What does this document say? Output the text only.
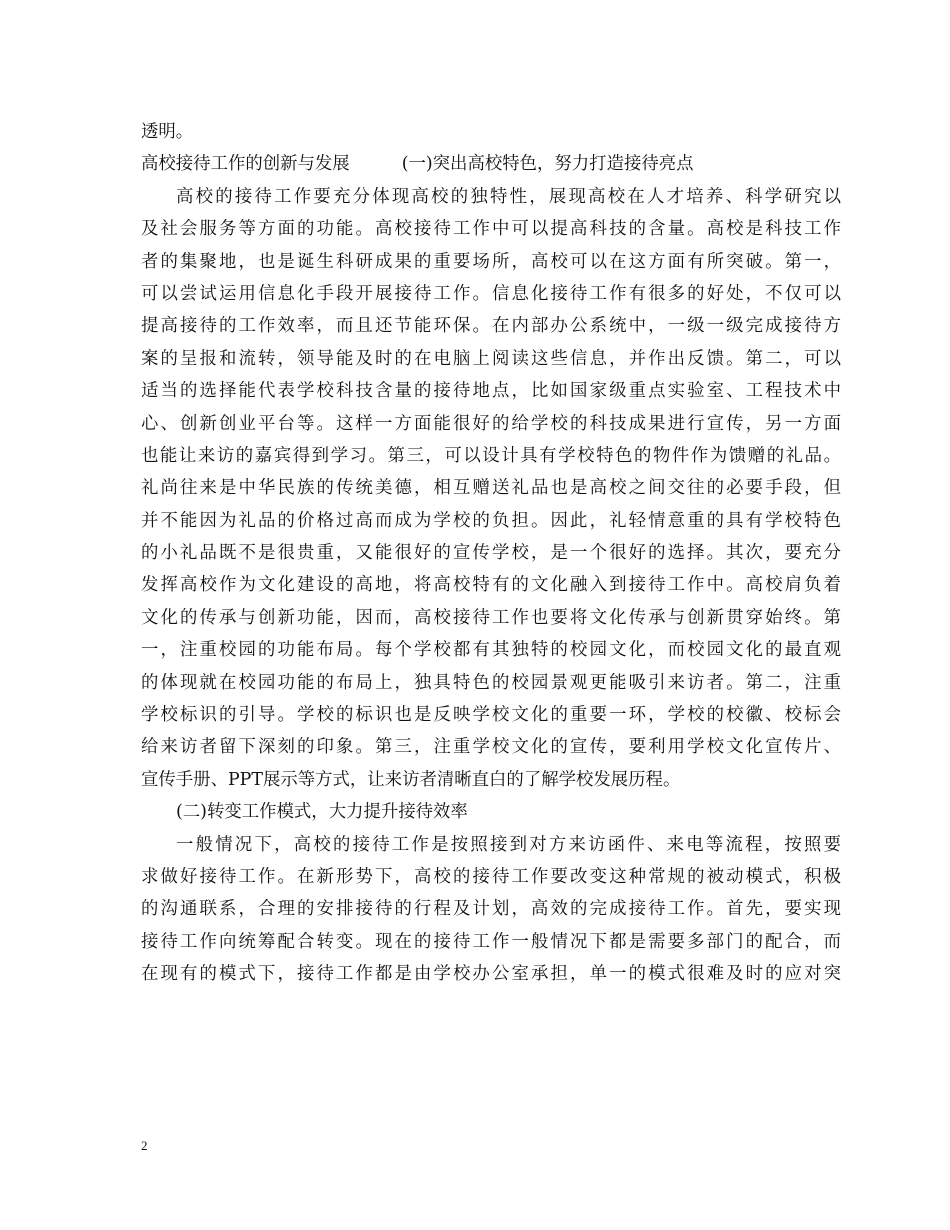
透明。
高校接待工作的创新与发展	(一)突出高校特色，努力打造接待亮点
高校的接待工作要充分体现高校的独特性，展现高校在人才培养、科学研究以
及社会服务等方面的功能。高校接待工作中可以提高科技的含量。高校是科技工作
者的集聚地，也是诞生科研成果的重要场所，高校可以在这方面有所突破。第一，
可以尝试运用信息化手段开展接待工作。信息化接待工作有很多的好处，不仅可以
提高接待的工作效率，而且还节能环保。在内部办公系统中，一级一级完成接待方
案的呈报和流转，领导能及时的在电脑上阅读这些信息，并作出反馈。第二，可以
适当的选择能代表学校科技含量的接待地点，比如国家级重点实验室、工程技术中
心、创新创业平台等。这样一方面能很好的给学校的科技成果进行宣传，另一方面
也能让来访的嘉宾得到学习。第三，可以设计具有学校特色的物件作为馈赠的礼品。
礼尚往来是中华民族的传统美德，相互赠送礼品也是高校之间交往的必要手段，但
并不能因为礼品的价格过高而成为学校的负担。因此，礼轻情意重的具有学校特色
的小礼品既不是很贵重，又能很好的宣传学校，是一个很好的选择。其次，要充分
发挥高校作为文化建设的高地，将高校特有的文化融入到接待工作中。高校肩负着
文化的传承与创新功能，因而，高校接待工作也要将文化传承与创新贯穿始终。第
一，注重校园的功能布局。每个学校都有其独特的校园文化，而校园文化的最直观
的体现就在校园功能的布局上，独具特色的校园景观更能吸引来访者。第二，注重
学校标识的引导。学校的标识也是反映学校文化的重要一环，学校的校徽、校标会
给来访者留下深刻的印象。第三，注重学校文化的宣传，要利用学校文化宣传片、
宣传手册、PPT展示等方式，让来访者清晰直白的了解学校发展历程。
(二)转变工作模式，大力提升接待效率
一般情况下，高校的接待工作是按照接到对方来访函件、来电等流程，按照要
求做好接待工作。在新形势下，高校的接待工作要改变这种常规的被动模式，积极
的沟通联系，合理的安排接待的行程及计划，高效的完成接待工作。首先，要实现
接待工作向统筹配合转变。现在的接待工作一般情况下都是需要多部门的配合，而
在现有的模式下，接待工作都是由学校办公室承担，单一的模式很难及时的应对突
2
